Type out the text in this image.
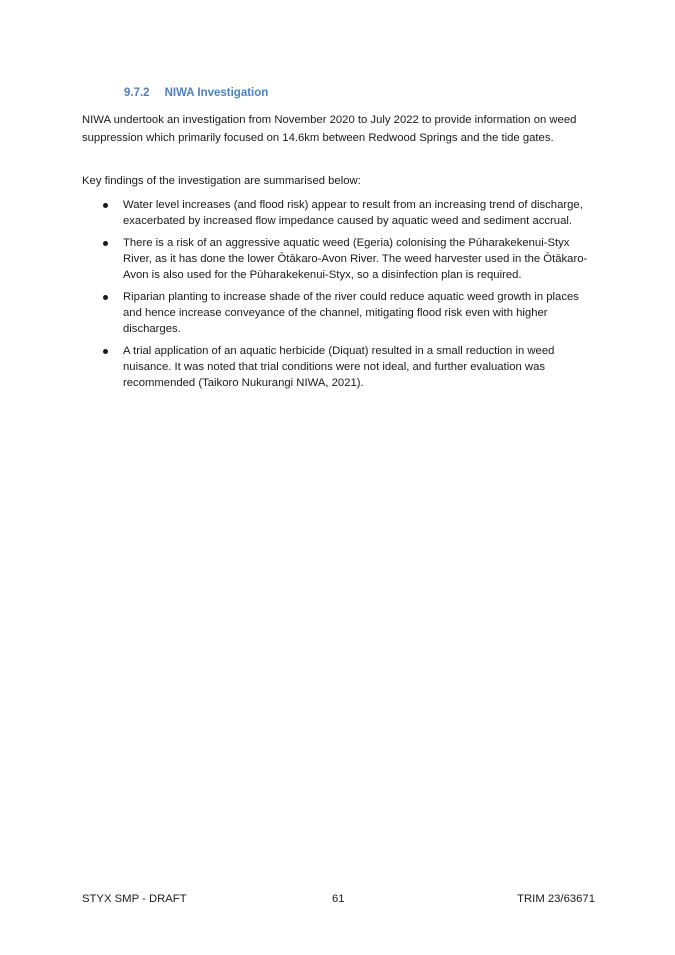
9.7.2 NIWA Investigation

NIWA undertook an investigation from November 2020 to July 2022 to provide information on weed suppression which primarily focused on 14.6km between Redwood Springs and the tide gates.

Key findings of the investigation are summarised below:

Water level increases (and flood risk) appear to result from an increasing trend of discharge, exacerbated by increased flow impedance caused by aquatic weed and sediment accrual.
There is a risk of an aggressive aquatic weed (Egeria) colonising the Pūharakekenui-Styx River, as it has done the lower Ōtākaro-Avon River. The weed harvester used in the Ōtākaro-Avon is also used for the Pūharakekenui-Styx, so a disinfection plan is required.
Riparian planting to increase shade of the river could reduce aquatic weed growth in places and hence increase conveyance of the channel, mitigating flood risk even with higher discharges.
A trial application of an aquatic herbicide (Diquat) resulted in a small reduction in weed nuisance. It was noted that trial conditions were not ideal, and further evaluation was recommended (Taikoro Nukurangi NIWA, 2021).
STYX SMP - DRAFT	61	TRIM 23/63671
